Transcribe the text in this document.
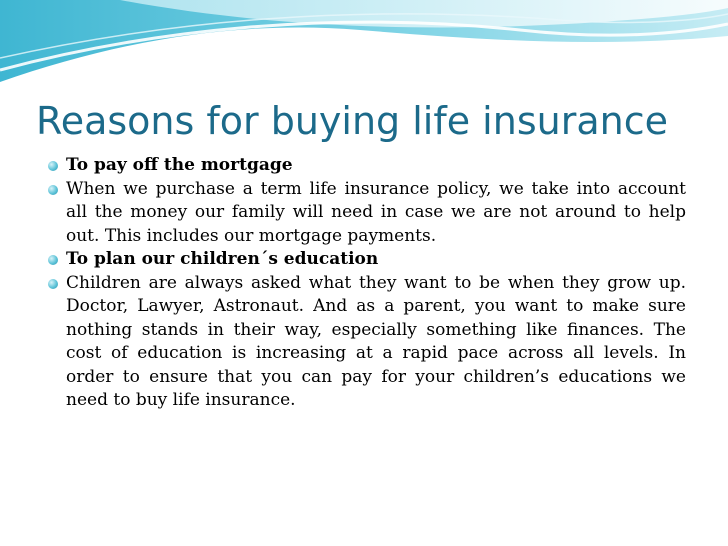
Reasons for buying life insurance
To pay off the mortgage
When we purchase a term life insurance policy, we take into account all the money our family will need in case we are not around to help out. This includes our mortgage payments.
To plan our children´s education
Children are always asked what they want to be when they grow up. Doctor, Lawyer, Astronaut. And as a parent, you want to make sure nothing stands in their way, especially something like finances. The cost of education is increasing at a rapid pace across all levels. In order to ensure that you can pay for your children’s educations we need to buy life insurance.
